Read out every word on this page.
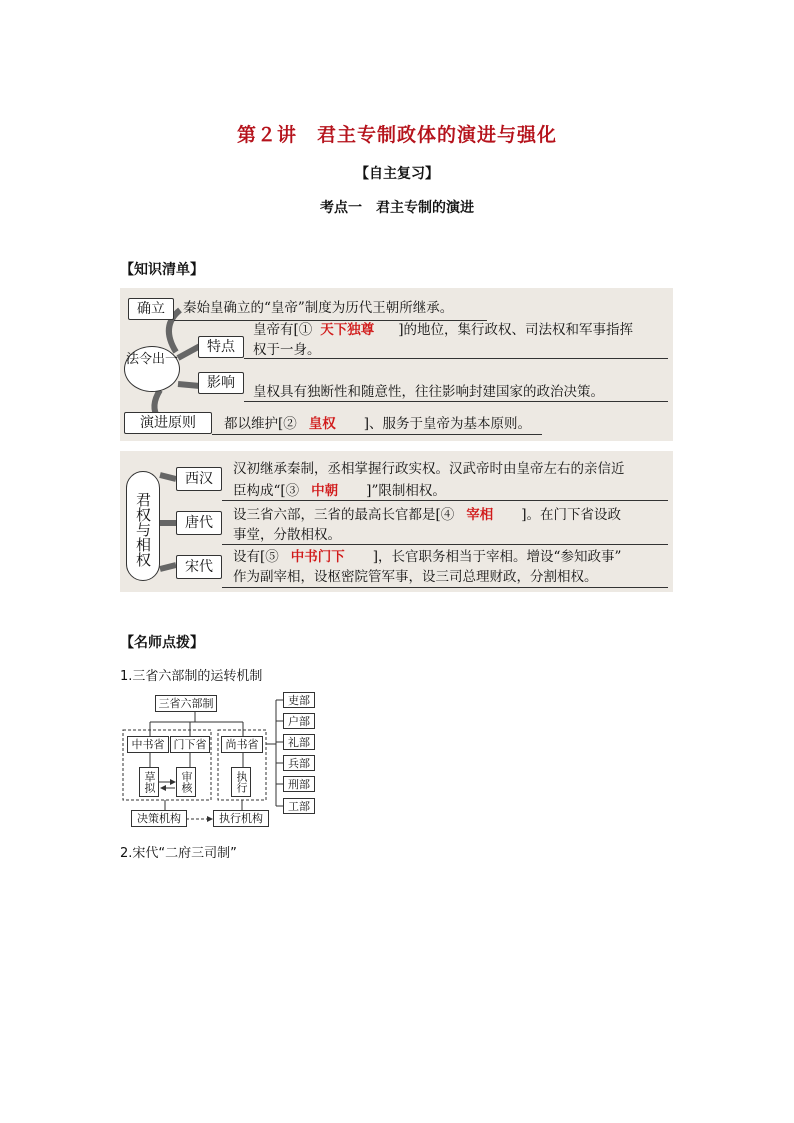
第２讲　君主专制政体的演进与强化
【自主复习】
考点一　君主专制的演进
【知识清单】
法令出一
确立	秦始皇确立的“皇帝”制度为历代王朝所继承。
特点
皇帝有[① 天下独尊 ]的地位，集行政权、司法权和军事指挥
权于一身。
影响
皇权具有独断性和随意性，往往影响封建国家的政治决策。
演进原则	都以维护[② 皇权 ]、服务于皇帝为基本原则。
君权与相权
西汉
汉初继承秦制，丞相掌握行政实权。汉武帝时由皇帝左右的亲信近
臣构成“[③ 中朝 ]”限制相权。
唐代	设三省六部，三省的最高长官都是[④ 宰相 ]。在门下省设政
事堂，分散相权。
宋代
设有[⑤ 中书门下 ]，长官职务相当于宰相。增设“参知政事”
作为副宰相，设枢密院管军事，设三司总理财政，分割相权。
【名师点拨】
1.三省六部制的运转机制
三省六部制
中书省 门下省	尚书省
草拟	审核	执行
决策机构	执行机构
吏部
户部
礼部
兵部
刑部
工部
2.宋代“二府三司制”
